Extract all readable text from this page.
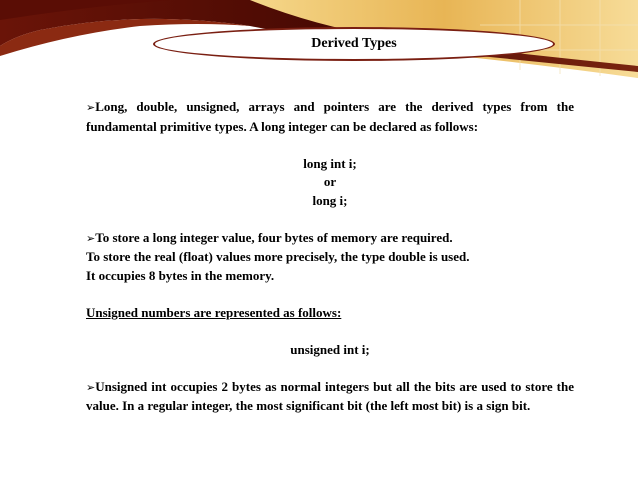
Derived Types

➢Long, double, unsigned, arrays and pointers are the derived types from the fundamental primitive types. A long integer can be declared as follows:

long int i;

or

long i;

➢To store a long integer value, four bytes of memory are required.

To store the real (float) values more precisely, the type double is used.

It occupies 8 bytes in the memory.

Unsigned numbers are represented as follows:

unsigned int i;

➢Unsigned int occupies 2 bytes as normal integers but all the bits are used to store the value. In a regular integer, the most significant bit (the left most bit) is a sign bit.
